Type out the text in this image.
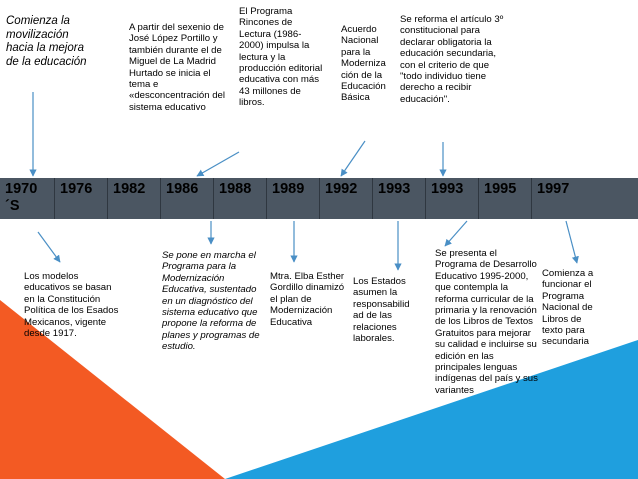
1970 ´S
1976	1982	1986	1988	1989	1992	1993	1993	1995	1997

Comienza la movilización hacia la mejora de la educación

A partir del sexenio de José López Portillo y también durante el de Miguel de La Madrid Hurtado se inicia el tema e «desconcentración del sistema educativo

El Programa Rincones de Lectura (1986-2000) impulsa la lectura y la producción editorial educativa con más 43 millones de libros.

Acuerdo Nacional para la Modernización de la Educación Básica

Se reforma el artículo 3º constitucional para declarar obligatoria la educación secundaria, con el criterio de que "todo individuo tiene derecho a recibir educación".

Los modelos educativos se basan en la Constitución Política de los Esados Mexicanos, vigente desde 1917.

Se pone en marcha el Programa para la Modernización Educativa, sustentado en un diagnóstico del sistema educativo que propone la reforma de planes y programas de estudio.

Mtra. Elba Esther Gordillo dinamizó el plan de Modernización Educativa

Los Estados asumen la responsabilidad de las relaciones laborales.

Se presenta el Programa de Desarrollo Educativo 1995-2000, que contempla la reforma curricular de la primaria y la renovación de los Libros de Textos Gratuitos para mejorar su calidad e incluirse su edición en las principales lenguas indígenas del país y sus variantes

Comienza a funcionar el Programa Nacional de Libros de texto para secundaria
